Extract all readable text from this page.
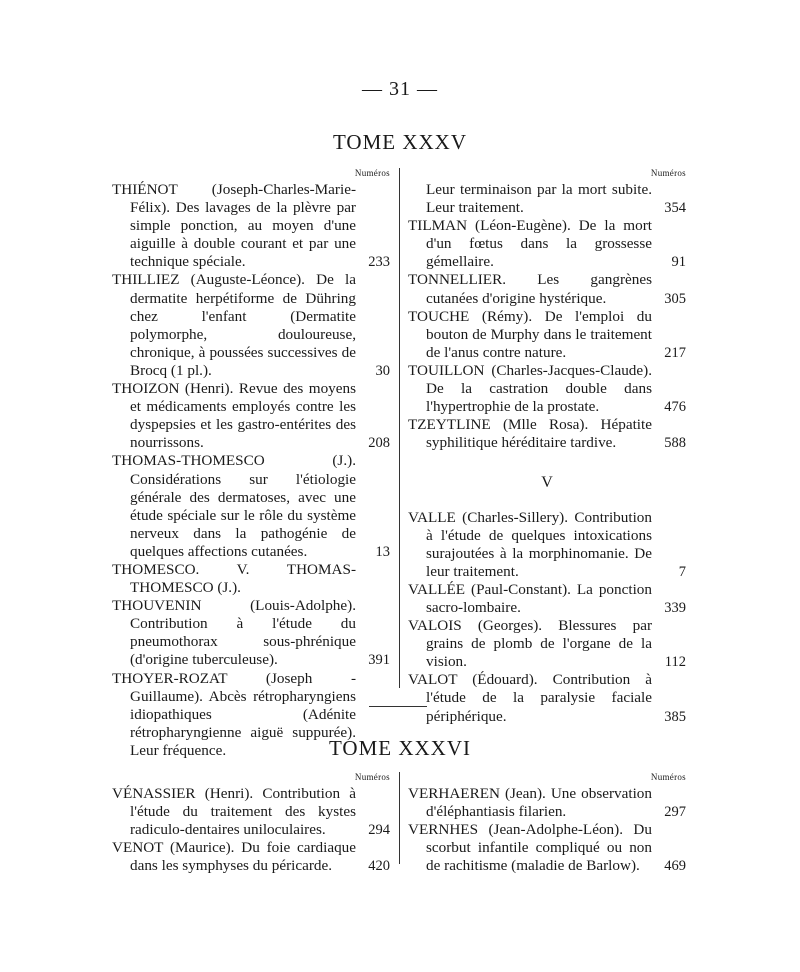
— 31 —
TOME XXXV
Numéros
THIÉNOT (Joseph-Charles-Marie-Félix). Des lavages de la plèvre par simple ponction, au moyen d'une aiguille à double courant et par une technique spéciale.	233
THILLIEZ (Auguste-Léonce). De la dermatite herpétiforme de Dühring chez l'enfant (Dermatite polymorphe, douloureuse, chronique, à poussées successives de Brocq (1 pl.).	30
THOIZON (Henri). Revue des moyens et médicaments employés contre les dyspepsies et les gastro-entérites des nourrissons.	208
THOMAS-THOMESCO (J.). Considérations sur l'étiologie générale des dermatoses, avec une étude spéciale sur le rôle du système nerveux dans la pathogénie de quelques affections cutanées.	13
THOMESCO. V. THOMAS-THOMESCO (J.).
THOUVENIN (Louis-Adolphe). Contribution à l'étude du pneumothorax sous-phrénique (d'origine tuberculeuse).	391
THOYER-ROZAT (Joseph - Guillaume). Abcès rétropharyngiens idiopathiques (Adénite rétropharyngienne aiguë suppurée). Leur fréquence.
Numéros
Leur terminaison par la mort subite. Leur traitement.	354
TILMAN (Léon-Eugène). De la mort d'un fœtus dans la grossesse gémellaire.	91
TONNELLIER. Les gangrènes cutanées d'origine hystérique.	305
TOUCHE (Rémy). De l'emploi du bouton de Murphy dans le traitement de l'anus contre nature.	217
TOUILLON (Charles-Jacques-Claude). De la castration double dans l'hypertrophie de la prostate.	476
TZEYTLINE (Mlle Rosa). Hépatite syphilitique héréditaire tardive.	588
V
VALLE (Charles-Sillery). Contribution à l'étude de quelques intoxications surajoutées à la morphinomanie. De leur traitement.	7
VALLÉE (Paul-Constant). La ponction sacro-lombaire.	339
VALOIS (Georges). Blessures par grains de plomb de l'organe de la vision.	112
VALOT (Édouard). Contribution à l'étude de la paralysie faciale périphérique.	385
TOME XXXVI
Numéros
VÉNASSIER (Henri). Contribution à l'étude du traitement des kystes radiculo-dentaires uniloculaires.	294
VENOT (Maurice). Du foie cardiaque dans les symphyses du péricarde.	420
Numéros
VERHAEREN (Jean). Une observation d'éléphantiasis filarien.	297
VERNHES (Jean-Adolphe-Léon). Du scorbut infantile compliqué ou non de rachitisme (maladie de Barlow).	469
